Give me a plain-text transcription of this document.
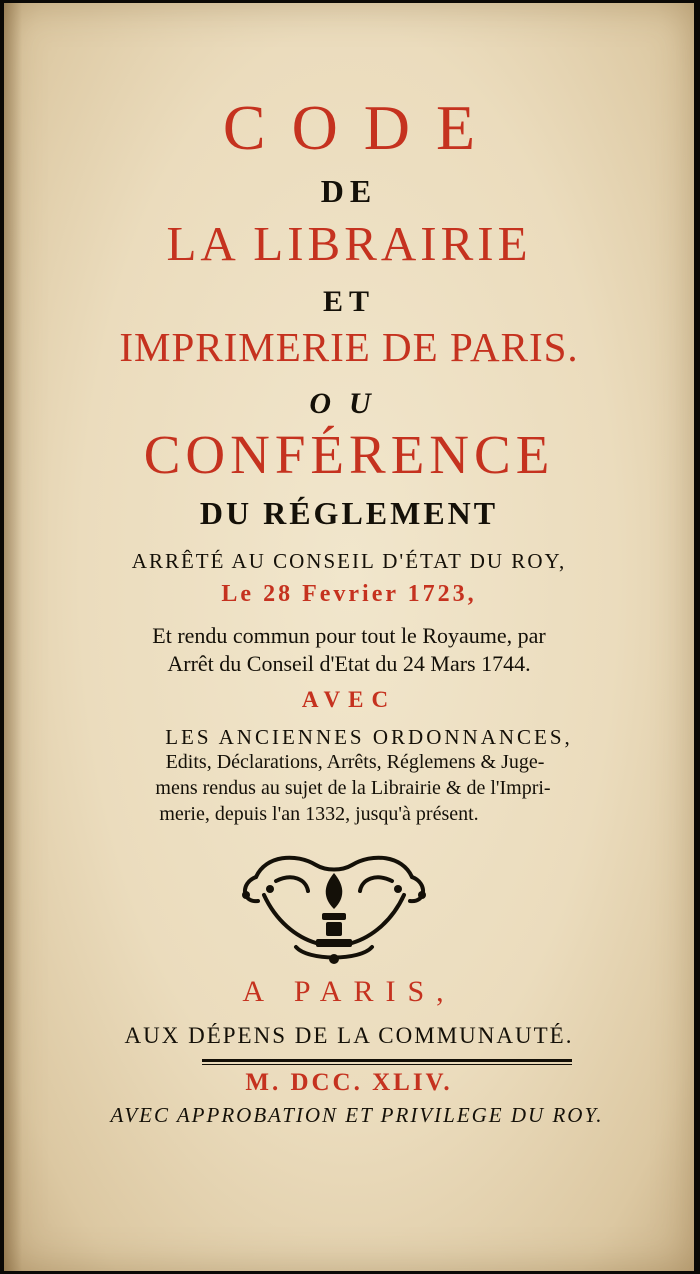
CODE

DE

LA LIBRAIRIE

ET

IMPRIMERIE DE PARIS.

OU

CONFÉRENCE

DU RÉGLEMENT

ARRÊTÉ AU CONSEIL D'ÉTAT DU ROY,

Le 28 Fevrier 1723,

Et rendu commun pour tout le Royaume, par

Arrêt du Conseil d'Etat du 24 Mars 1744.

AVEC

LES ANCIENNES ORDONNANCES,

Edits, Déclarations, Arrêts, Réglemens & Juge-

mens rendus au sujet de la Librairie & de l'Impri-

merie, depuis l'an 1332, jusqu'à présent.

A PARIS,

AUX DÉPENS DE LA COMMUNAUTÉ.

M. DCC. XLIV.

AVEC APPROBATION ET PRIVILEGE DU ROY.
